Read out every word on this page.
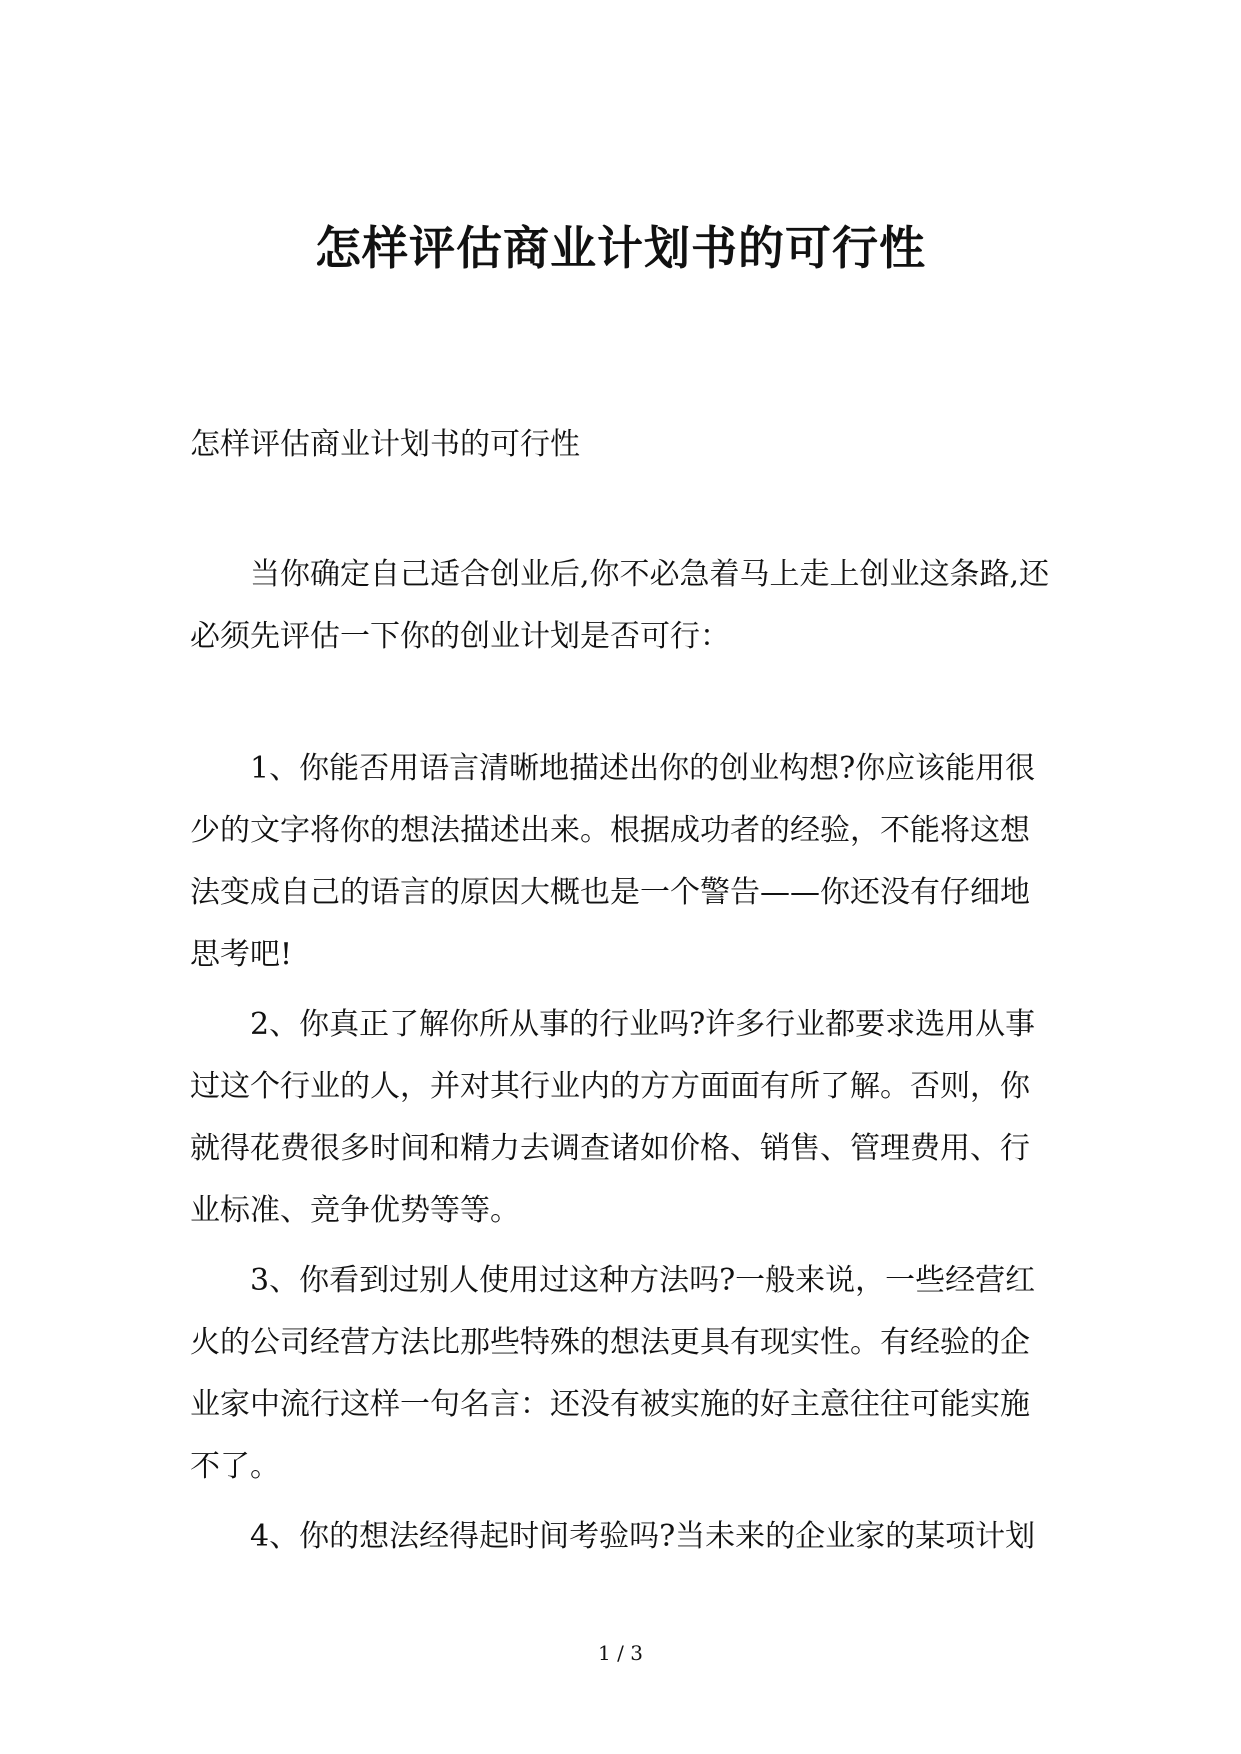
怎样评估商业计划书的可行性

怎样评估商业计划书的可行性

当你确定自己适合创业后,你不必急着马上走上创业这条路,还必须先评估一下你的创业计划是否可行：

1、你能否用语言清晰地描述出你的创业构想?你应该能用很少的文字将你的想法描述出来。根据成功者的经验，不能将这想法变成自己的语言的原因大概也是一个警告——你还没有仔细地思考吧!

2、你真正了解你所从事的行业吗?许多行业都要求选用从事过这个行业的人，并对其行业内的方方面面有所了解。否则，你就得花费很多时间和精力去调查诸如价格、销售、管理费用、行业标准、竞争优势等等。

3、你看到过别人使用过这种方法吗?一般来说，一些经营红火的公司经营方法比那些特殊的想法更具有现实性。有经验的企业家中流行这样一句名言：还没有被实施的好主意往往可能实施不了。

4、你的想法经得起时间考验吗?当未来的企业家的某项计划

1 / 3
